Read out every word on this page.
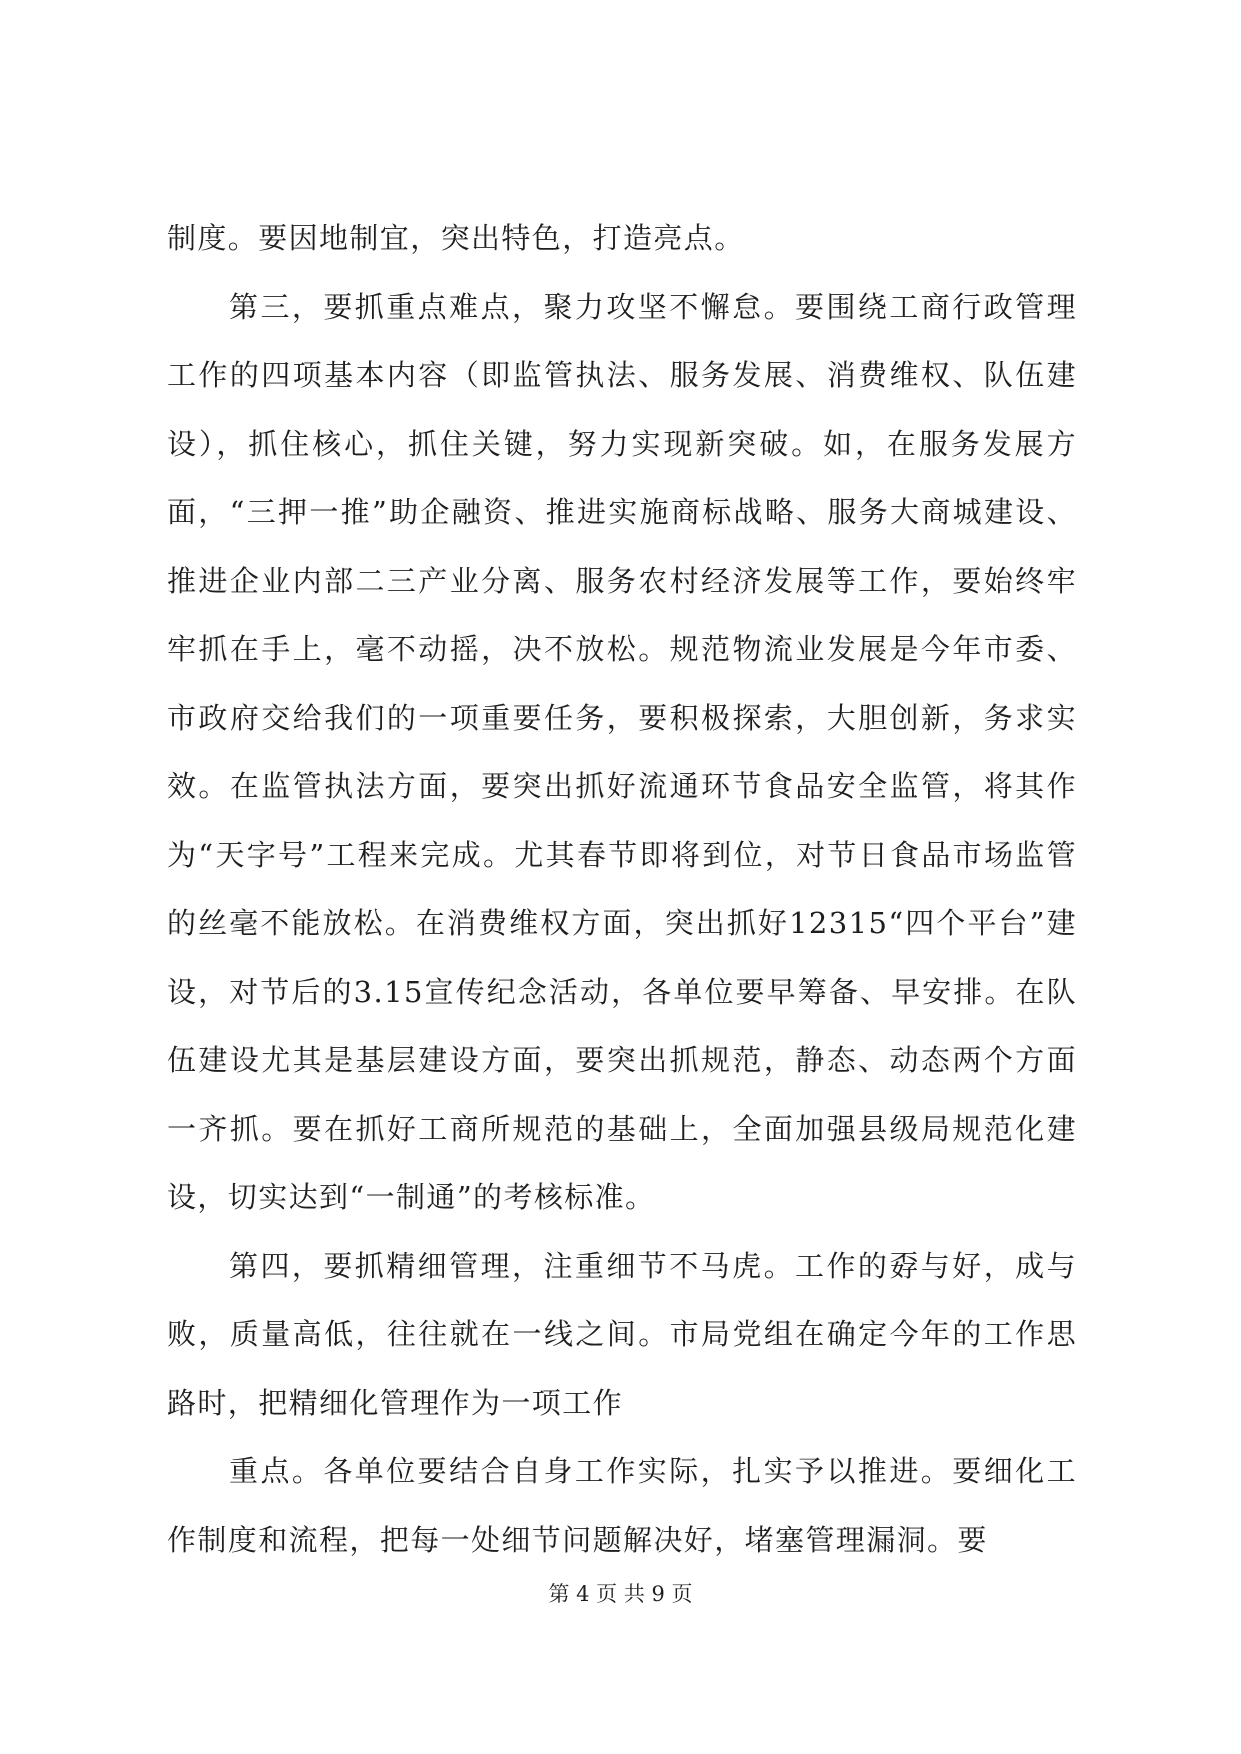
制度。要因地制宜，突出特色，打造亮点。

第三，要抓重点难点，聚力攻坚不懈怠。要围绕工商行政管理工作的四项基本内容（即监管执法、服务发展、消费维权、队伍建设），抓住核心，抓住关键，努力实现新突破。如，在服务发展方面，“三押一推”助企融资、推进实施商标战略、服务大商城建设、推进企业内部二三产业分离、服务农村经济发展等工作，要始终牢牢抓在手上，毫不动摇，决不放松。规范物流业发展是今年市委、市政府交给我们的一项重要任务，要积极探索，大胆创新，务求实效。在监管执法方面，要突出抓好流通环节食品安全监管，将其作为“天字号”工程来完成。尤其春节即将到位，对节日食品市场监管的丝毫不能放松。在消费维权方面，突出抓好12315“四个平台”建设，对节后的3.15宣传纪念活动，各单位要早筹备、早安排。在队伍建设尤其是基层建设方面，要突出抓规范，静态、动态两个方面一齐抓。要在抓好工商所规范的基础上，全面加强县级局规范化建设，切实达到“一制通”的考核标准。

第四，要抓精细管理，注重细节不马虎。工作的孬与好，成与败，质量高低，往往就在一线之间。市局党组在确定今年的工作思路时，把精细化管理作为一项工作

重点。各单位要结合自身工作实际，扎实予以推进。要细化工作制度和流程，把每一处细节问题解决好，堵塞管理漏洞。要

第 4 页 共 9 页
